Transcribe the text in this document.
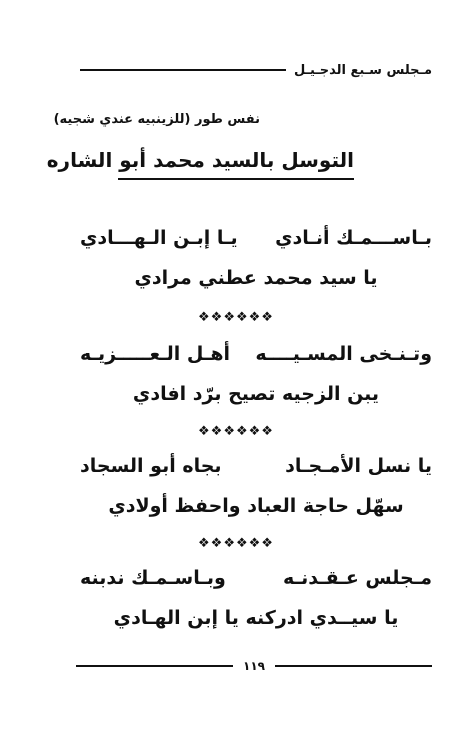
مـجلس سـبع الدجـيـل
نفس طور (للزينبيه عندي شجيه)
التوسل بالسيد محمد أبو الشاره
بـاســـمـك أنـادي
يـا إبـن الـهـــادي
يا سيد محمد عطني مرادي
❖❖❖❖❖❖
وتـنـخى المسـيــــه
أهـل الـعـــــزيـه
يبن الزجيه تصيح برّد افادي
❖❖❖❖❖❖
يا نسل الأمـجـاد
بجاه أبو السجاد
سهّل حاجة العباد واحفظ أولادي
❖❖❖❖❖❖
مـجلس عـقـدنـه
وبـاسـمـك ندبنه
يا سيــدي ادركنه يا إبن الهـادي
١١٩
